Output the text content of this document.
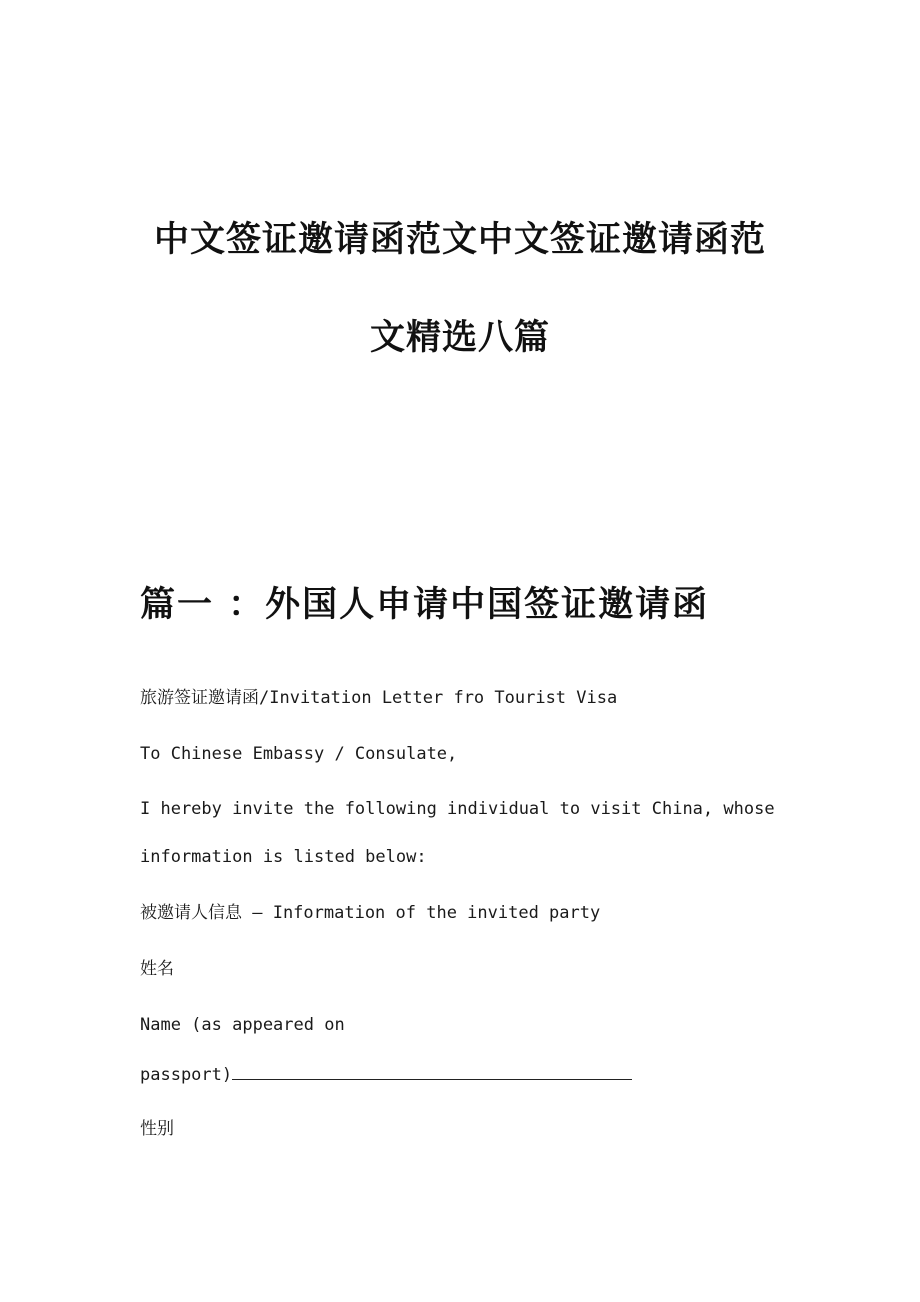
中文签证邀请函范文中文签证邀请函范
文精选八篇
篇一 ：外国人申请中国签证邀请函
旅游签证邀请函/Invitation Letter fro Tourist Visa
To Chinese Embassy / Consulate,
I hereby invite the following individual to visit China, whose
information is listed below:
被邀请人信息 — Information of the invited party
姓名
Name (as appeared on
passport)
性别
